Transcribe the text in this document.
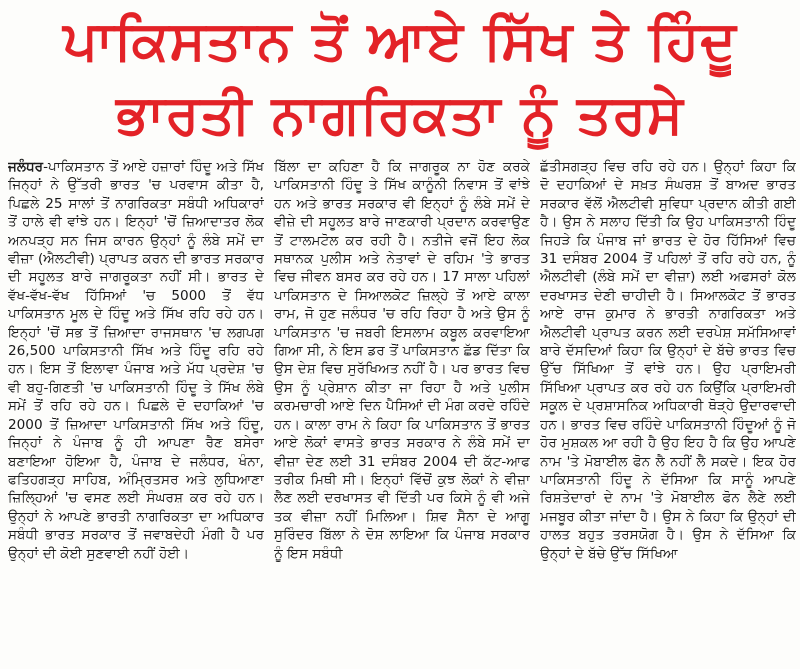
ਪਾਕਿਸਤਾਨ ਤੋਂ ਆਏ ਸਿੱਖ ਤੇ ਹਿੰਦੂ
ਭਾਰਤੀ ਨਾਗਰਿਕਤਾ ਨੂੰ ਤਰਸੇ

ਜਲੰਧਰ-ਪਾਕਿਸਤਾਨ ਤੋਂ ਆਏ ਹਜ਼ਾਰਾਂ ਹਿੰਦੂ ਅਤੇ ਸਿੱਖ ਜਿਨ੍ਹਾਂ ਨੇ ਉੱਤਰੀ ਭਾਰਤ 'ਚ ਪਰਵਾਸ ਕੀਤਾ ਹੈ, ਪਿਛਲੇ 25 ਸਾਲਾਂ ਤੋਂ ਨਾਗਰਿਕਤਾ ਸਬੰਧੀ ਅਧਿਕਾਰਾਂ ਤੋਂ ਹਾਲੇ ਵੀ ਵਾਂਝੇ ਹਨ। ਇਨ੍ਹਾਂ 'ਚੋਂ ਜ਼ਿਆਦਾਤਰ ਲੋਕ ਅਨਪੜ੍ਹ ਸਨ ਜਿਸ ਕਾਰਨ ਉਨ੍ਹਾਂ ਨੂੰ ਲੰਬੇ ਸਮੇਂ ਦਾ ਵੀਜ਼ਾ (ਐਲਟੀਵੀ) ਪ੍ਰਾਪਤ ਕਰਨ ਦੀ ਭਾਰਤ ਸਰਕਾਰ ਦੀ ਸਹੂਲਤ ਬਾਰੇ ਜਾਗਰੂਕਤਾ ਨਹੀਂ ਸੀ। ਭਾਰਤ ਦੇ ਵੱਖ-ਵੱਖ-ਵੱਖ ਹਿੱਸਿਆਂ 'ਚ 5000 ਤੋਂ ਵੱਧ ਪਾਕਿਸਤਾਨ ਮੂਲ ਦੇ ਹਿੰਦੂ ਅਤੇ ਸਿੱਖ ਰਹਿ ਰਹੇ ਹਨ। ਇਨ੍ਹਾਂ 'ਚੋਂ ਸਭ ਤੋਂ ਜ਼ਿਆਦਾ ਰਾਜਸਥਾਨ 'ਚ ਲਗਪਗ 26,500 ਪਾਕਿਸਤਾਨੀ ਸਿੱਖ ਅਤੇ ਹਿੰਦੂ ਰਹਿ ਰਹੇ ਹਨ। ਇਸ ਤੋਂ ਇਲਾਵਾ ਪੰਜਾਬ ਅਤੇ ਮੱਧ ਪ੍ਰਦੇਸ਼ 'ਚ ਵੀ ਬਹੁ-ਗਿਣਤੀ 'ਚ ਪਾਕਿਸਤਾਨੀ ਹਿੰਦੂ ਤੇ ਸਿੱਖ ਲੰਬੇ ਸਮੇਂ ਤੋਂ ਰਹਿ ਰਹੇ ਹਨ। ਪਿਛਲੇ ਦੋ ਦਹਾਕਿਆਂ 'ਚ 2000 ਤੋਂ ਜ਼ਿਆਦਾ ਪਾਕਿਸਤਾਨੀ ਸਿੱਖ ਅਤੇ ਹਿੰਦੂ, ਜਿਨ੍ਹਾਂ ਨੇ ਪੰਜਾਬ ਨੂੰ ਹੀ ਆਪਣਾ ਰੈਣ ਬਸੇਰਾ ਬਣਾਇਆ ਹੋਇਆ ਹੈ, ਪੰਜਾਬ ਦੇ ਜਲੰਧਰ, ਖੰਨਾ, ਫਤਿਹਗੜ੍ਹ ਸਾਹਿਬ, ਅੰਮ੍ਰਿਤਸਰ ਅਤੇ ਲੁਧਿਆਣਾ ਜ਼ਿਲ੍ਹਿਆਂ 'ਚ ਵਸਣ ਲਈ ਸੰਘਰਸ਼ ਕਰ ਰਹੇ ਹਨ। ਉਨ੍ਹਾਂ ਨੇ ਆਪਣੇ ਭਾਰਤੀ ਨਾਗਰਿਕਤਾ ਦਾ ਅਧਿਕਾਰ ਸਬੰਧੀ ਭਾਰਤ ਸਰਕਾਰ ਤੋਂ ਜਵਾਬਦੇਹੀ ਮੰਗੀ ਹੈ ਪਰ ਉਨ੍ਹਾਂ ਦੀ ਕੋਈ ਸੁਣਵਾਈ ਨਹੀਂ ਹੋਈ।

ਬਿੱਲਾ ਦਾ ਕਹਿਣਾ ਹੈ ਕਿ ਜਾਗਰੂਕ ਨਾ ਹੋਣ ਕਰਕੇ ਪਾਕਿਸਤਾਨੀ ਹਿੰਦੂ ਤੇ ਸਿੱਖ ਕਾਨੂੰਨੀ ਨਿਵਾਸ ਤੋਂ ਵਾਂਝੇ ਹਨ ਅਤੇ ਭਾਰਤ ਸਰਕਾਰ ਵੀ ਇਨ੍ਹਾਂ ਨੂੰ ਲੰਬੇ ਸਮੇਂ ਦੇ ਵੀਜ਼ੇ ਦੀ ਸਹੂਲਤ ਬਾਰੇ ਜਾਣਕਾਰੀ ਪ੍ਰਦਾਨ ਕਰਵਾਉਣ ਤੋਂ ਟਾਲਮਟੋਲ ਕਰ ਰਹੀ ਹੈ। ਨਤੀਜੇ ਵਜੋਂ ਇਹ ਲੋਕ ਸਥਾਨਕ ਪੁਲੀਸ ਅਤੇ ਨੇਤਾਵਾਂ ਦੇ ਰਹਿਮ 'ਤੇ ਭਾਰਤ ਵਿਚ ਜੀਵਨ ਬਸਰ ਕਰ ਰਹੇ ਹਨ। 17 ਸਾਲਾ ਪਹਿਲਾਂ ਪਾਕਿਸਤਾਨ ਦੇ ਸਿਆਲਕੋਟ ਜ਼ਿਲ੍ਹੇ ਤੋਂ ਆਏ ਕਾਲਾ ਰਾਮ, ਜੋ ਹੁਣ ਜਲੰਧਰ 'ਚ ਰਹਿ ਰਿਹਾ ਹੈ ਅਤੇ ਉਸ ਨੂੰ ਪਾਕਿਸਤਾਨ 'ਚ ਜਬਰੀ ਇਸਲਾਮ ਕਬੂਲ ਕਰਵਾਇਆ ਗਿਆ ਸੀ, ਨੇ ਇਸ ਡਰ ਤੋਂ ਪਾਕਿਸਤਾਨ ਛੱਡ ਦਿੱਤਾ ਕਿ ਉਸ ਦੇਸ਼ ਵਿਚ ਸੁਰੱਖਿਅਤ ਨਹੀਂ ਹੈ। ਪਰ ਭਾਰਤ ਵਿਚ ਉਸ ਨੂੰ ਪ੍ਰੇਸ਼ਾਨ ਕੀਤਾ ਜਾ ਰਿਹਾ ਹੈ ਅਤੇ ਪੁਲੀਸ ਕਰਮਚਾਰੀ ਆਏ ਦਿਨ ਪੈਸਿਆਂ ਦੀ ਮੰਗ ਕਰਦੇ ਰਹਿੰਦੇ ਹਨ। ਕਾਲਾ ਰਾਮ ਨੇ ਕਿਹਾ ਕਿ ਪਾਕਿਸਤਾਨ ਤੋਂ ਭਾਰਤ ਆਏ ਲੋਕਾਂ ਵਾਸਤੇ ਭਾਰਤ ਸਰਕਾਰ ਨੇ ਲੰਬੇ ਸਮੇਂ ਦਾ ਵੀਜ਼ਾ ਦੇਣ ਲਈ 31 ਦਸੰਬਰ 2004 ਦੀ ਕੱਟ-ਆਫ ਤਰੀਕ ਮਿਥੀ ਸੀ। ਇਨ੍ਹਾਂ ਵਿੱਚੋਂ ਕੁਝ ਲੋਕਾਂ ਨੇ ਵੀਜ਼ਾ ਲੈਣ ਲਈ ਦਰਖਾਸਤ ਵੀ ਦਿੱਤੀ ਪਰ ਕਿਸੇ ਨੂੰ ਵੀ ਅਜੇ ਤਕ ਵੀਜ਼ਾ ਨਹੀਂ ਮਿਲਿਆ। ਸ਼ਿਵ ਸੈਨਾ ਦੇ ਆਗੂ ਸੁਰਿੰਦਰ ਬਿੱਲਾ ਨੇ ਦੋਸ਼ ਲਾਇਆ ਕਿ ਪੰਜਾਬ ਸਰਕਾਰ ਨੂੰ ਇਸ ਸਬੰਧੀ

ਛੱਤੀਸਗੜ੍ਹ ਵਿਚ ਰਹਿ ਰਹੇ ਹਨ। ਉਨ੍ਹਾਂ ਕਿਹਾ ਕਿ ਦੋ ਦਹਾਕਿਆਂ ਦੇ ਸਖ਼ਤ ਸੰਘਰਸ਼ ਤੋਂ ਬਾਅਦ ਭਾਰਤ ਸਰਕਾਰ ਵੱਲੋਂ ਐਲਟੀਵੀ ਸੁਵਿਧਾ ਪ੍ਰਦਾਨ ਕੀਤੀ ਗਈ ਹੈ। ਉਸ ਨੇ ਸਲਾਹ ਦਿੱਤੀ ਕਿ ਉਹ ਪਾਕਿਸਤਾਨੀ ਹਿੰਦੂ ਜਿਹੜੇ ਕਿ ਪੰਜਾਬ ਜਾਂ ਭਾਰਤ ਦੇ ਹੋਰ ਹਿੱਸਿਆਂ ਵਿਚ 31 ਦਸੰਬਰ 2004 ਤੋਂ ਪਹਿਲਾਂ ਤੋਂ ਰਹਿ ਰਹੇ ਹਨ, ਨੂੰ ਐਲਟੀਵੀ (ਲੰਬੇ ਸਮੇਂ ਦਾ ਵੀਜ਼ਾ) ਲਈ ਅਫਸਰਾਂ ਕੋਲ ਦਰਖਾਸਤ ਦੇਣੀ ਚਾਹੀਦੀ ਹੈ। ਸਿਆਲਕੋਟ ਤੋਂ ਭਾਰਤ ਆਏ ਰਾਜ ਕੁਮਾਰ ਨੇ ਭਾਰਤੀ ਨਾਗਰਿਕਤਾ ਅਤੇ ਐਲਟੀਵੀ ਪ੍ਰਾਪਤ ਕਰਨ ਲਈ ਦਰਪੇਸ਼ ਸਮੱਸਿਆਵਾਂ ਬਾਰੇ ਦੱਸਦਿਆਂ ਕਿਹਾ ਕਿ ਉਨ੍ਹਾਂ ਦੇ ਬੱਚੇ ਭਾਰਤ ਵਿਚ ਉੱਚ ਸਿੱਖਿਆ ਤੋਂ ਵਾਂਝੇ ਹਨ। ਉਹ ਪ੍ਰਾਇਮਰੀ ਸਿੱਖਿਆ ਪ੍ਰਾਪਤ ਕਰ ਰਹੇ ਹਨ ਕਿਉਂਕਿ ਪ੍ਰਾਇਮਰੀ ਸਕੂਲ ਦੇ ਪ੍ਰਸ਼ਾਸਨਿਕ ਅਧਿਕਾਰੀ ਥੋੜ੍ਹੇ ਉਦਾਰਵਾਦੀ ਹਨ। ਭਾਰਤ ਵਿਚ ਰਹਿੰਦੇ ਪਾਕਿਸਤਾਨੀ ਹਿੰਦੂਆਂ ਨੂੰ ਜੋ ਹੋਰ ਮੁਸ਼ਕਲ ਆ ਰਹੀ ਹੈ ਉਹ ਇਹ ਹੈ ਕਿ ਉਹ ਆਪਣੇ ਨਾਮ 'ਤੇ ਮੋਬਾਈਲ ਫੋਨ ਲੈ ਨਹੀਂ ਲੈ ਸਕਦੇ। ਇਕ ਹੋਰ ਪਾਕਿਸਤਾਨੀ ਹਿੰਦੂ ਨੇ ਦੱਸਿਆ ਕਿ ਸਾਨੂੰ ਆਪਣੇ ਰਿਸ਼ਤੇਦਾਰਾਂ ਦੇ ਨਾਮ 'ਤੇ ਮੋਬਾਈਲ ਫੋਨ ਲੈਣੇ ਲਈ ਮਜਬੂਰ ਕੀਤਾ ਜਾਂਦਾ ਹੈ। ਉਸ ਨੇ ਕਿਹਾ ਕਿ ਉਨ੍ਹਾਂ ਦੀ ਹਾਲਤ ਬਹੁਤ ਤਰਸਯੋਗ ਹੈ। ਉਸ ਨੇ ਦੱਸਿਆ ਕਿ ਉਨ੍ਹਾਂ ਦੇ ਬੱਚੇ ਉੱਚ ਸਿੱਖਿਆ
